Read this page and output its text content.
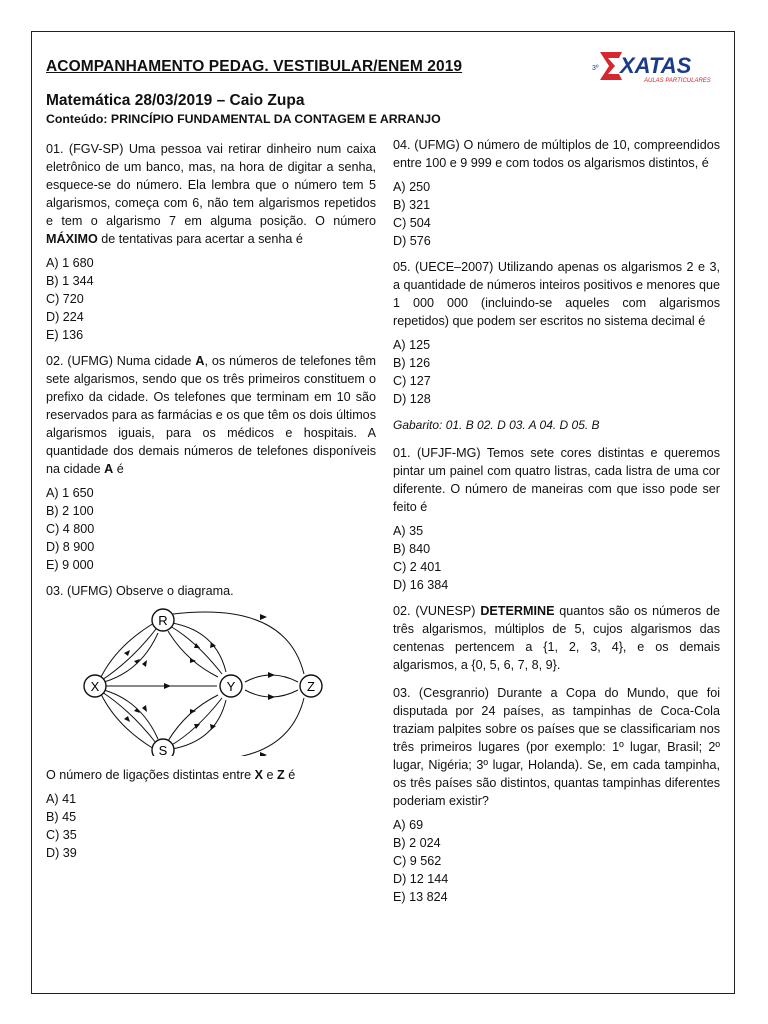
ACOMPANHAMENTO PEDAG. VESTIBULAR/ENEM 2019	3º XATAS
AULAS PARTICULARES
Matemática 28/03/2019 – Caio Zupa
Conteúdo: PRINCÍPIO FUNDAMENTAL DA CONTAGEM E ARRANJO
01. (FGV-SP) Uma pessoa vai retirar dinheiro num caixa eletrônico de um banco, mas, na hora de digitar a senha, esquece-se do número. Ela lembra que o número tem 5 algarismos, começa com 6, não tem algarismos repetidos e tem o algarismo 7 em alguma posição. O número MÁXIMO de tentativas para acertar a senha é
A) 1 680
B) 1 344
C) 720
D) 224
E) 136
02. (UFMG) Numa cidade A, os números de telefones têm sete algarismos, sendo que os três primeiros constituem o prefixo da cidade. Os telefones que terminam em 10 são reservados para as farmácias e os que têm os dois últimos algarismos iguais, para os médicos e hospitais. A quantidade dos demais números de telefones disponíveis na cidade A é
A) 1 650
B) 2 100
C) 4 800
D) 8 900
E) 9 000
03. (UFMG) Observe o diagrama.
R
X	Y	Z
S
O número de ligações distintas entre X e Z é
A) 41
B) 45
C) 35
D) 39
04. (UFMG) O número de múltiplos de 10, compreendidos entre 100 e 9 999 e com todos os algarismos distintos, é
A) 250
B) 321
C) 504
D) 576
05. (UECE–2007) Utilizando apenas os algarismos 2 e 3, a quantidade de números inteiros positivos e menores que 1 000 000 (incluindo-se aqueles com algarismos repetidos) que podem ser escritos no sistema decimal é
A) 125
B) 126
C) 127
D) 128
Gabarito: 01. B 02. D 03. A 04. D 05. B
01. (UFJF-MG) Temos sete cores distintas e queremos pintar um painel com quatro listras, cada listra de uma cor diferente. O número de maneiras com que isso pode ser feito é
A) 35
B) 840
C) 2 401
D) 16 384
02. (VUNESP) DETERMINE quantos são os números de três algarismos, múltiplos de 5, cujos algarismos das centenas pertencem a {1, 2, 3, 4}, e os demais algarismos, a {0, 5, 6, 7, 8, 9}.
03. (Cesgranrio) Durante a Copa do Mundo, que foi disputada por 24 países, as tampinhas de Coca-Cola traziam palpites sobre os países que se classificariam nos três primeiros lugares (por exemplo: 1º lugar, Brasil; 2º lugar, Nigéria; 3º lugar, Holanda). Se, em cada tampinha, os três países são distintos, quantas tampinhas diferentes poderiam existir?
A) 69
B) 2 024
C) 9 562
D) 12 144
E) 13 824
